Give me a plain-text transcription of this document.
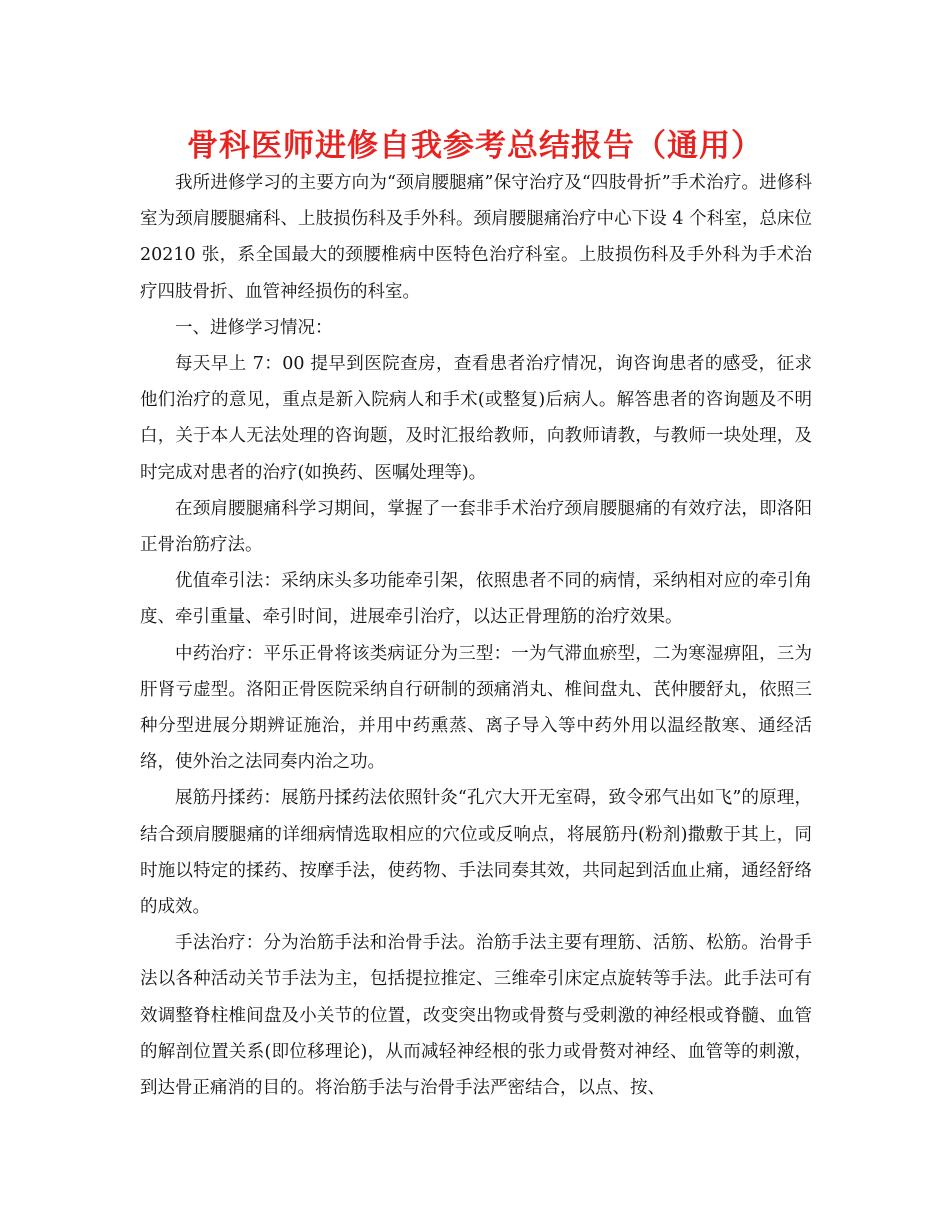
骨科医师进修自我参考总结报告（通用）

我所进修学习的主要方向为“颈肩腰腿痛”保守治疗及“四肢骨折”手术治疗。进修科室为颈肩腰腿痛科、上肢损伤科及手外科。颈肩腰腿痛治疗中心下设 4 个科室，总床位 20210 张，系全国最大的颈腰椎病中医特色治疗科室。上肢损伤科及手外科为手术治疗四肢骨折、血管神经损伤的科室。

一、进修学习情况：

每天早上 7：00 提早到医院查房，查看患者治疗情况，询咨询患者的感受，征求他们治疗的意见，重点是新入院病人和手术(或整复)后病人。解答患者的咨询题及不明白，关于本人无法处理的咨询题，及时汇报给教师，向教师请教，与教师一块处理，及时完成对患者的治疗(如换药、医嘱处理等)。

在颈肩腰腿痛科学习期间，掌握了一套非手术治疗颈肩腰腿痛的有效疗法，即洛阳正骨治筋疗法。

优值牵引法：采纳床头多功能牵引架，依照患者不同的病情，采纳相对应的牵引角度、牵引重量、牵引时间，进展牵引治疗，以达正骨理筋的治疗效果。

中药治疗：平乐正骨将该类病证分为三型：一为气滞血瘀型，二为寒湿痹阻，三为肝肾亏虚型。洛阳正骨医院采纳自行研制的颈痛消丸、椎间盘丸、芪仲腰舒丸，依照三种分型进展分期辨证施治，并用中药熏蒸、离子导入等中药外用以温经散寒、通经活络，使外治之法同奏内治之功。

展筋丹揉药：展筋丹揉药法依照针灸“孔穴大开无室碍，致令邪气出如飞”的原理，结合颈肩腰腿痛的详细病情选取相应的穴位或反响点，将展筋丹(粉剂)撒敷于其上，同时施以特定的揉药、按摩手法，使药物、手法同奏其效，共同起到活血止痛，通经舒络的成效。

手法治疗：分为治筋手法和治骨手法。治筋手法主要有理筋、活筋、松筋。治骨手法以各种活动关节手法为主，包括提拉推定、三维牵引床定点旋转等手法。此手法可有效调整脊柱椎间盘及小关节的位置，改变突出物或骨赘与受刺激的神经根或脊髓、血管的解剖位置关系(即位移理论)，从而减轻神经根的张力或骨赘对神经、血管等的刺激，到达骨正痛消的目的。将治筋手法与治骨手法严密结合，以点、按、
